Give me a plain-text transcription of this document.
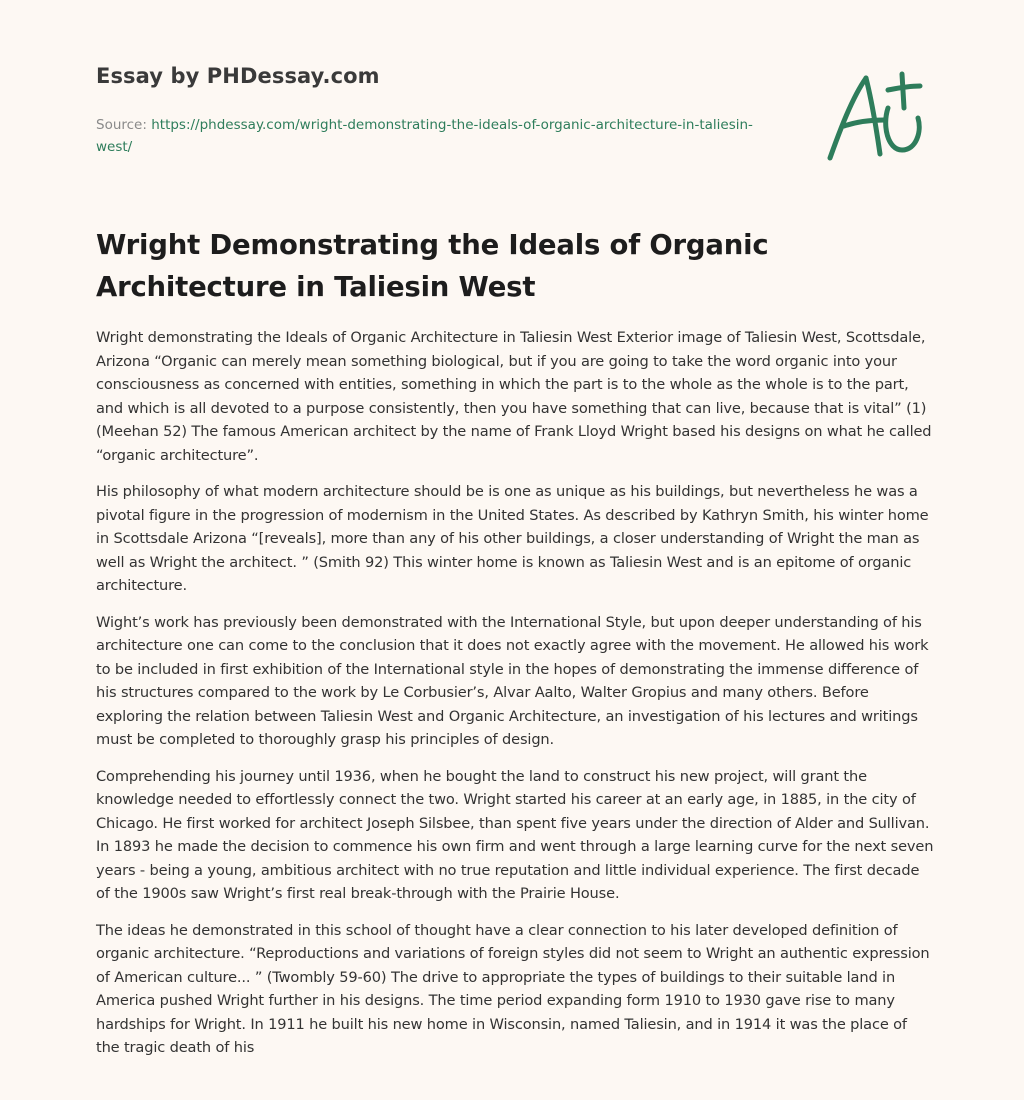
Essay by PHDessay.com
Source: https://phdessay.com/wright-demonstrating-the-ideals-of-organic-architecture-in-taliesin-west/
Wright Demonstrating the Ideals of Organic Architecture in Taliesin West

Wright demonstrating the Ideals of Organic Architecture in Taliesin West Exterior image of Taliesin West, Scottsdale, Arizona “Organic can merely mean something biological, but if you are going to take the word organic into your consciousness as concerned with entities, something in which the part is to the whole as the whole is to the part, and which is all devoted to a purpose consistently, then you have something that can live, because that is vital” (1) (Meehan 52) The famous American architect by the name of Frank Lloyd Wright based his designs on what he called “organic architecture”.

His philosophy of what modern architecture should be is one as unique as his buildings, but nevertheless he was a pivotal figure in the progression of modernism in the United States. As described by Kathryn Smith, his winter home in Scottsdale Arizona “[reveals], more than any of his other buildings, a closer understanding of Wright the man as well as Wright the architect. ” (Smith 92) This winter home is known as Taliesin West and is an epitome of organic architecture.

Wight’s work has previously been demonstrated with the International Style, but upon deeper understanding of his architecture one can come to the conclusion that it does not exactly agree with the movement. He allowed his work to be included in first exhibition of the International style in the hopes of demonstrating the immense difference of his structures compared to the work by Le Corbusier’s, Alvar Aalto, Walter Gropius and many others. Before exploring the relation between Taliesin West and Organic Architecture, an investigation of his lectures and writings must be completed to thoroughly grasp his principles of design.

Comprehending his journey until 1936, when he bought the land to construct his new project, will grant the knowledge needed to effortlessly connect the two. Wright started his career at an early age, in 1885, in the city of Chicago. He first worked for architect Joseph Silsbee, than spent five years under the direction of Alder and Sullivan. In 1893 he made the decision to commence his own firm and went through a large learning curve for the next seven years - being a young, ambitious architect with no true reputation and little individual experience. The first decade of the 1900s saw Wright’s first real break-through with the Prairie House.

The ideas he demonstrated in this school of thought have a clear connection to his later developed definition of organic architecture. “Reproductions and variations of foreign styles did not seem to Wright an authentic expression of American culture... ” (Twombly 59-60) The drive to appropriate the types of buildings to their suitable land in America pushed Wright further in his designs. The time period expanding form 1910 to 1930 gave rise to many hardships for Wright. In 1911 he built his new home in Wisconsin, named Taliesin, and in 1914 it was the place of the tragic death of his
